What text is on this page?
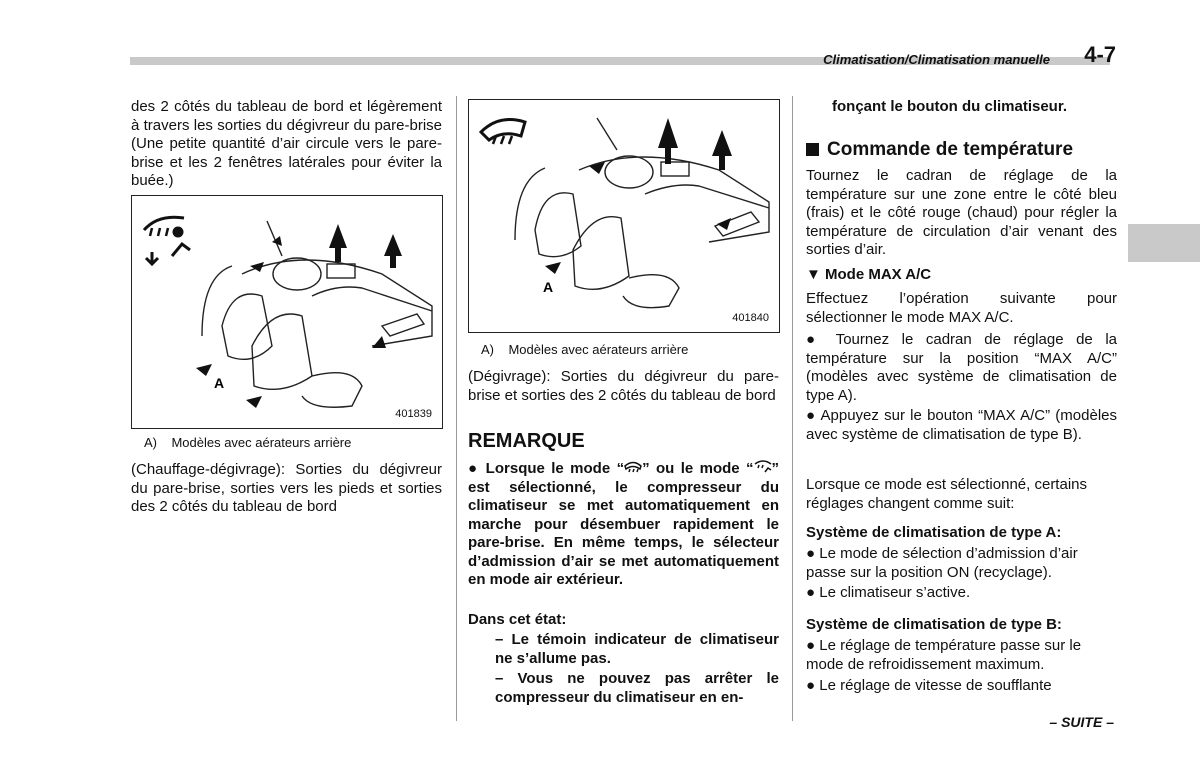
Climatisation/Climatisation manuelle 4-7
des 2 côtés du tableau de bord et légèrement à travers les sorties du dégivreur du pare-brise (Une petite quantité d’air circule vers le pare-brise et les 2 fenêtres latérales pour éviter la buée.)
A
401839
A)    Modèles avec aérateurs arrière
(Chauffage-dégivrage): Sorties du dégivreur du pare-brise, sorties vers les pieds et sorties des 2 côtés du tableau de bord
A
401840
A)    Modèles avec aérateurs arrière
(Dégivrage): Sorties du dégivreur du pare-brise et sorties des 2 côtés du tableau de bord
REMARQUE
● Lorsque le mode “ ” ou le mode “ ” est sélectionné, le compresseur du climatiseur se met automatiquement en marche pour désembuer rapidement le pare-brise. En même temps, le sélecteur d’admission d’air se met automatiquement en mode air extérieur.
Dans cet état:
– Le témoin indicateur de climatiseur ne s’allume pas.
– Vous ne pouvez pas arrêter le compresseur du climatiseur en en-
fonçant le bouton du climatiseur.
Commande de température
Tournez le cadran de réglage de la température sur une zone entre le côté bleu (frais) et le côté rouge (chaud) pour régler la température de circulation d’air venant des sorties d’air.
▼ Mode MAX A/C
Effectuez l’opération suivante pour sélectionner le mode MAX A/C.
● Tournez le cadran de réglage de la température sur la position “MAX A/C” (modèles avec système de climatisation de type A).
● Appuyez sur le bouton “MAX A/C” (modèles avec système de climatisation de type B).
Lorsque ce mode est sélectionné, certains réglages changent comme suit:
Système de climatisation de type A:
● Le mode de sélection d’admission d’air passe sur la position ON (recyclage).
● Le climatiseur s’active.
Système de climatisation de type B:
● Le réglage de température passe sur le mode de refroidissement maximum.
● Le réglage de vitesse de soufflante
– SUITE –
